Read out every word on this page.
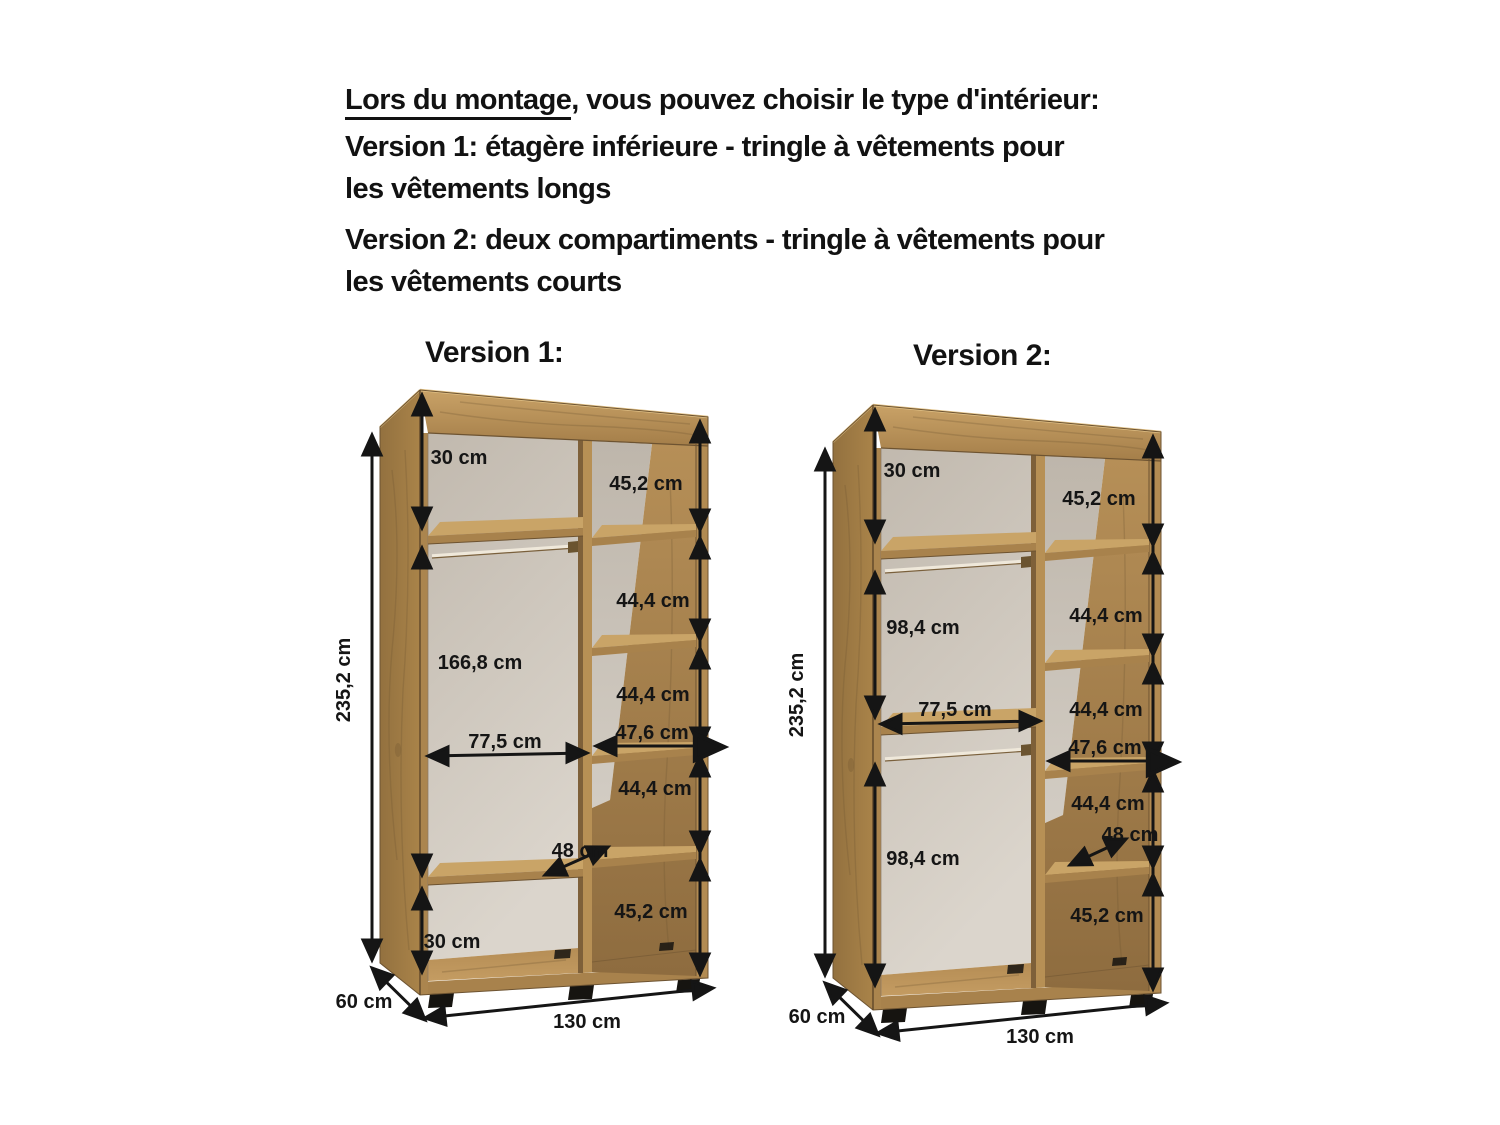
Lors du montage, vous pouvez choisir le type d'intérieur:
Version 1: étagère inférieure - tringle à vêtements pour
les vêtements longs
Version 2: deux compartiments - tringle à vêtements pour
les vêtements courts
Version 1:	Version 2:
30 cm
45,2 cm
44,4 cm
166,8 cm
44,4 cm
47,6 cm
77,5 cm
44,4 cm
48 cm
45,2 cm
30 cm
235,2 cm
60 cm
130 cm
30 cm
45,2 cm
44,4 cm
98,4 cm
77,5 cm	44,4 cm
47,6 cm
44,4 cm
48 cm
98,4 cm
45,2 cm
235,2 cm
60 cm
130 cm
